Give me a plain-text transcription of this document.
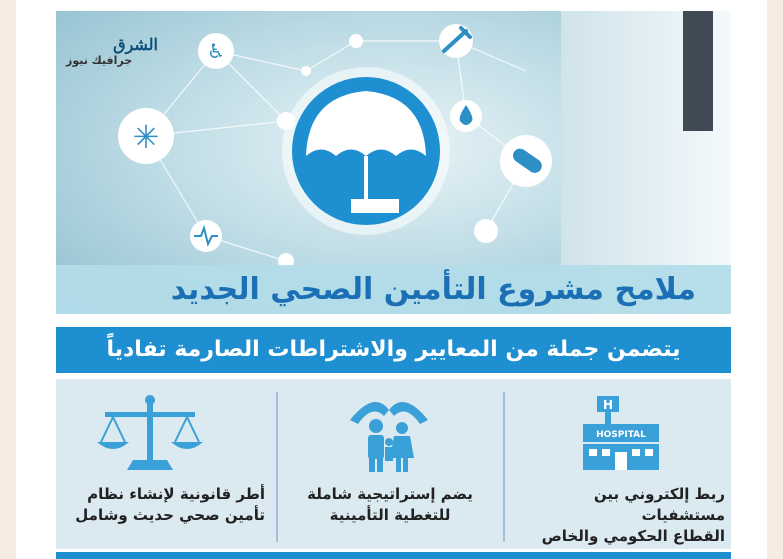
♿
✳
الشرق
جرافيك نيوز
ملامح مشروع التأمين الصحي الجديد
يتضمن جملة من المعايير والاشتراطات الصارمة تفادياً
H
HOSPITAL
ربط إلكتروني بين مستشفيات
القطاع الحكومي والخاص
يضم إستراتيجية شاملة
للتغطية التأمينية
أطر قانونية لإنشاء نظام
تأمين صحي حديث وشامل
